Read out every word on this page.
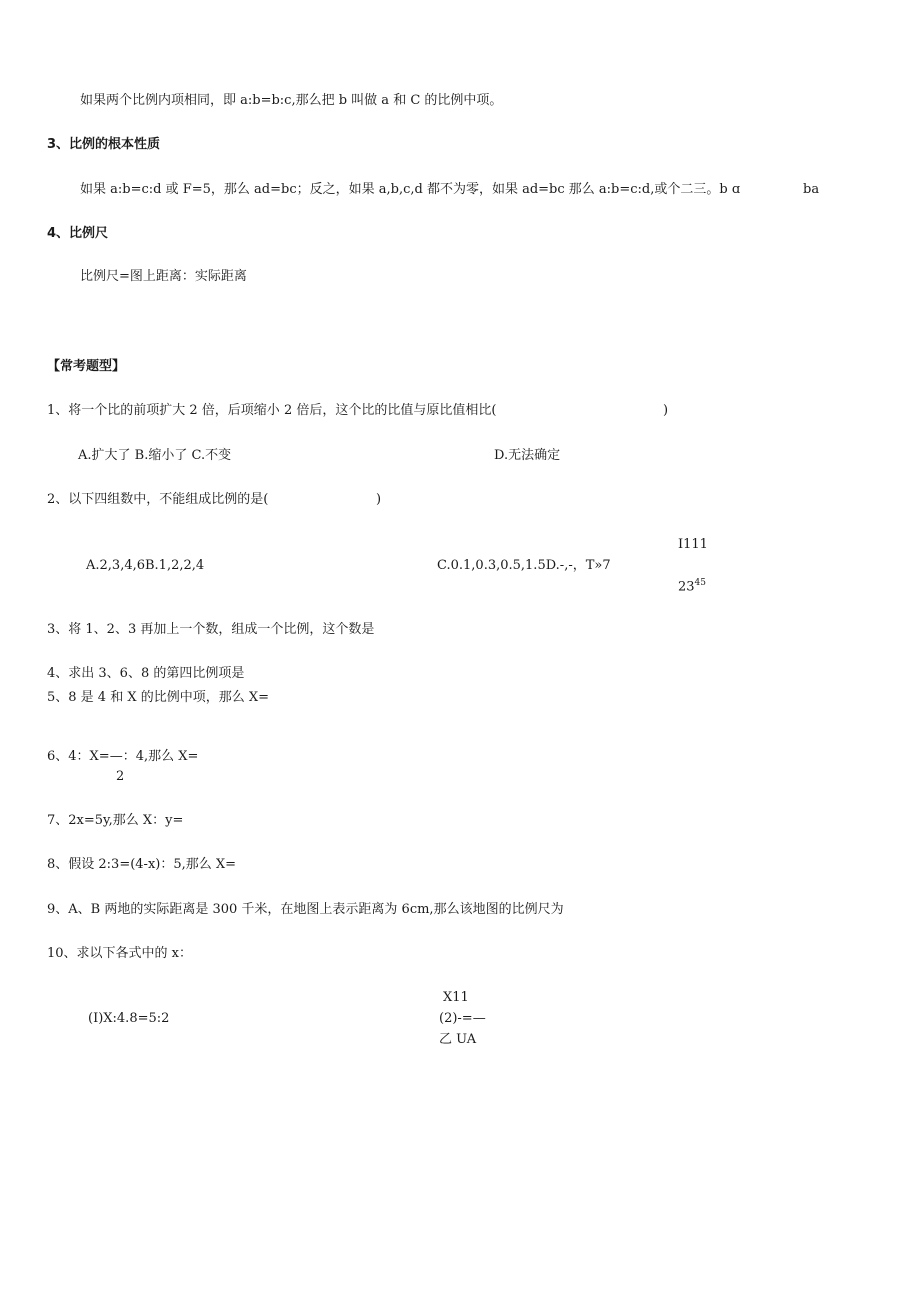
如果两个比例内项相同，即 a:b=b:c,那么把 b 叫做 a 和 C 的比例中项。
3、比例的根本性质
如果 a:b=c:d 或 F=5，那么 ad=bc；反之，如果 a,b,c,d 都不为零，如果 ad=bc 那么 a:b=c:d,或个二三。b ɑ	ba
4、比例尺
比例尺=图上距离：实际距离
【常考题型】
1、将一个比的前项扩大 2 倍，后项缩小 2 倍后，这个比的比值与原比值相比(	)
A.扩大了 B.缩小了 C.不变	D.无法确定
2、以下四组数中，不能组成比例的是(	)
I111
A.2,3,4,6B.1,2,2,4	C.0.1,0.3,0.5,1.5D.-,-，T»7
$23^{45}$
3、将 1、2、3 再加上一个数，组成一个比例，这个数是
4、求出 3、6、8 的第四比例项是
5、8 是 4 和 X 的比例中项，那么 X=
6、4：X=—：4,那么 X=
2
7、2x=5y,那么 X：y=
8、假设 2:3=(4-x)：5,那么 X=
9、A、B 两地的实际距离是 300 千米，在地图上表示距离为 6cm,那么该地图的比例尺为
10、求以下各式中的 x：
X11
(I)X:4.8=5:2	(2)-=—
乙 UA
